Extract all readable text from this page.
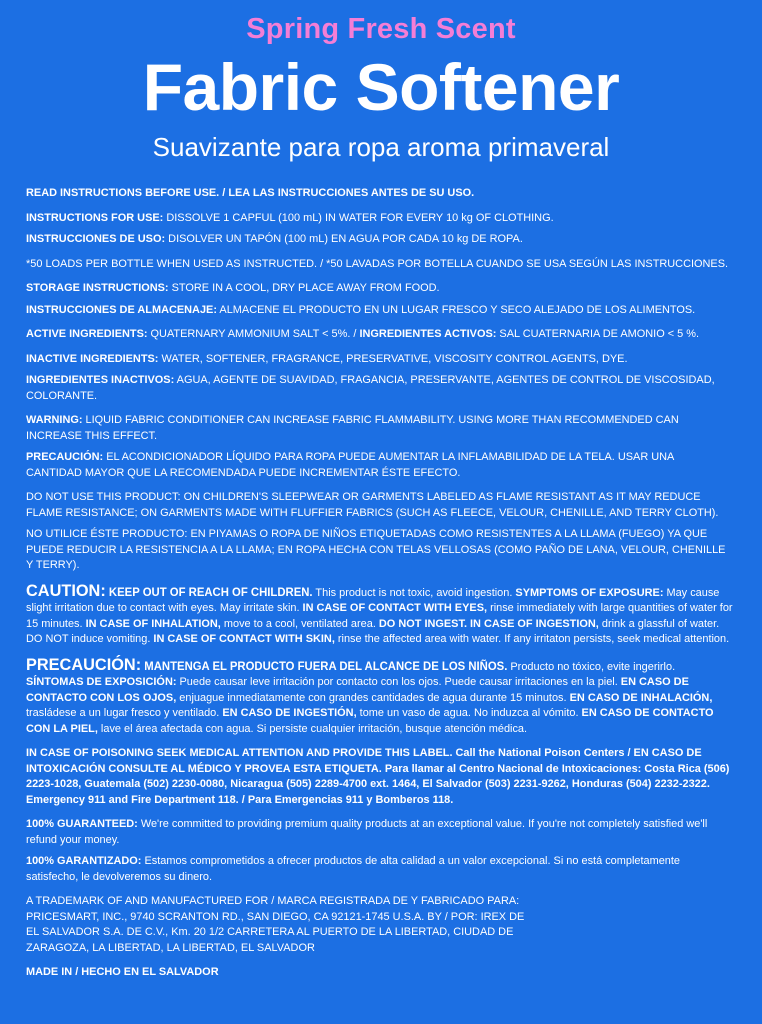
Spring Fresh Scent
Fabric Softener
Suavizante para ropa aroma primaveral

READ INSTRUCTIONS BEFORE USE. / LEA LAS INSTRUCCIONES ANTES DE SU USO.

INSTRUCTIONS FOR USE: DISSOLVE 1 CAPFUL (100 mL) IN WATER FOR EVERY 10 kg OF CLOTHING.

INSTRUCCIONES DE USO: DISOLVER UN TAPÓN (100 mL) EN AGUA POR CADA 10 kg DE ROPA.

*50 LOADS PER BOTTLE WHEN USED AS INSTRUCTED. / *50 LAVADAS POR BOTELLA CUANDO SE USA SEGÚN LAS INSTRUCCIONES.

STORAGE INSTRUCTIONS: STORE IN A COOL, DRY PLACE AWAY FROM FOOD.

INSTRUCCIONES DE ALMACENAJE: ALMACENE EL PRODUCTO EN UN LUGAR FRESCO Y SECO ALEJADO DE LOS ALIMENTOS.

ACTIVE INGREDIENTS: QUATERNARY AMMONIUM SALT < 5%. / INGREDIENTES ACTIVOS: SAL CUATERNARIA DE AMONIO < 5 %.

INACTIVE INGREDIENTS: WATER, SOFTENER, FRAGRANCE, PRESERVATIVE, VISCOSITY CONTROL AGENTS, DYE.

INGREDIENTES INACTIVOS: AGUA, AGENTE DE SUAVIDAD, FRAGANCIA, PRESERVANTE, AGENTES DE CONTROL DE VISCOSIDAD, COLORANTE.

WARNING: LIQUID FABRIC CONDITIONER CAN INCREASE FABRIC FLAMMABILITY. USING MORE THAN RECOMMENDED CAN INCREASE THIS EFFECT.

PRECAUCIÓN: EL ACONDICIONADOR LÍQUIDO PARA ROPA PUEDE AUMENTAR LA INFLAMABILIDAD DE LA TELA. USAR UNA CANTIDAD MAYOR QUE LA RECOMENDADA PUEDE INCREMENTAR ÉSTE EFECTO.

DO NOT USE THIS PRODUCT: ON CHILDREN'S SLEEPWEAR OR GARMENTS LABELED AS FLAME RESISTANT AS IT MAY REDUCE FLAME RESISTANCE; ON GARMENTS MADE WITH FLUFFIER FABRICS (SUCH AS FLEECE, VELOUR, CHENILLE, AND TERRY CLOTH).

NO UTILICE ÉSTE PRODUCTO: EN PIYAMAS O ROPA DE NIÑOS ETIQUETADAS COMO RESISTENTES A LA LLAMA (FUEGO) YA QUE PUEDE REDUCIR LA RESISTENCIA A LA LLAMA; EN ROPA HECHA CON TELAS VELLOSAS (COMO PAÑO DE LANA, VELOUR, CHENILLE Y TERRY).

CAUTION: KEEP OUT OF REACH OF CHILDREN. This product is not toxic, avoid ingestion. SYMPTOMS OF EXPOSURE: May cause slight irritation due to contact with eyes. May irritate skin. IN CASE OF CONTACT WITH EYES, rinse immediately with large quantities of water for 15 minutes. IN CASE OF INHALATION, move to a cool, ventilated area. DO NOT INGEST. IN CASE OF INGESTION, drink a glassful of water. DO NOT induce vomiting. IN CASE OF CONTACT WITH SKIN, rinse the affected area with water. If any irritaton persists, seek medical attention.

PRECAUCIÓN: MANTENGA EL PRODUCTO FUERA DEL ALCANCE DE LOS NIÑOS. Producto no tóxico, evite ingerirlo. SÍNTOMAS DE EXPOSICIÓN: Puede causar leve irritación por contacto con los ojos. Puede causar irritaciones en la piel. EN CASO DE CONTACTO CON LOS OJOS, enjuague inmediatamente con grandes cantidades de agua durante 15 minutos. EN CASO DE INHALACIÓN, trasládese a un lugar fresco y ventilado. EN CASO DE INGESTIÓN, tome un vaso de agua. No induzca al vómito. EN CASO DE CONTACTO CON LA PIEL, lave el área afectada con agua. Si persiste cualquier irritación, busque atención médica.

IN CASE OF POISONING SEEK MEDICAL ATTENTION AND PROVIDE THIS LABEL. Call the National Poison Centers / EN CASO DE INTOXICACIÓN CONSULTE AL MÉDICO Y PROVEA ESTA ETIQUETA. Para llamar al Centro Nacional de Intoxicaciones: Costa Rica (506) 2223-1028, Guatemala (502) 2230-0080, Nicaragua (505) 2289-4700 ext. 1464, El Salvador (503) 2231-9262, Honduras (504) 2232-2322. Emergency 911 and Fire Department 118. / Para Emergencias 911 y Bomberos 118.

100% GUARANTEED: We're committed to providing premium quality products at an exceptional value. If you're not completely satisfied we'll refund your money.

100% GARANTIZADO: Estamos comprometidos a ofrecer productos de alta calidad a un valor excepcional. Si no está completamente satisfecho, le devolveremos su dinero.

A TRADEMARK OF AND MANUFACTURED FOR / MARCA REGISTRADA DE Y FABRICADO PARA:
PRICESMART, INC., 9740 SCRANTON RD., SAN DIEGO, CA 92121-1745 U.S.A. BY / POR: IREX DE
EL SALVADOR S.A. DE C.V., Km. 20 1/2 CARRETERA AL PUERTO DE LA LIBERTAD, CIUDAD DE
ZARAGOZA, LA LIBERTAD, LA LIBERTAD, EL SALVADOR

MADE IN / HECHO EN EL SALVADOR
